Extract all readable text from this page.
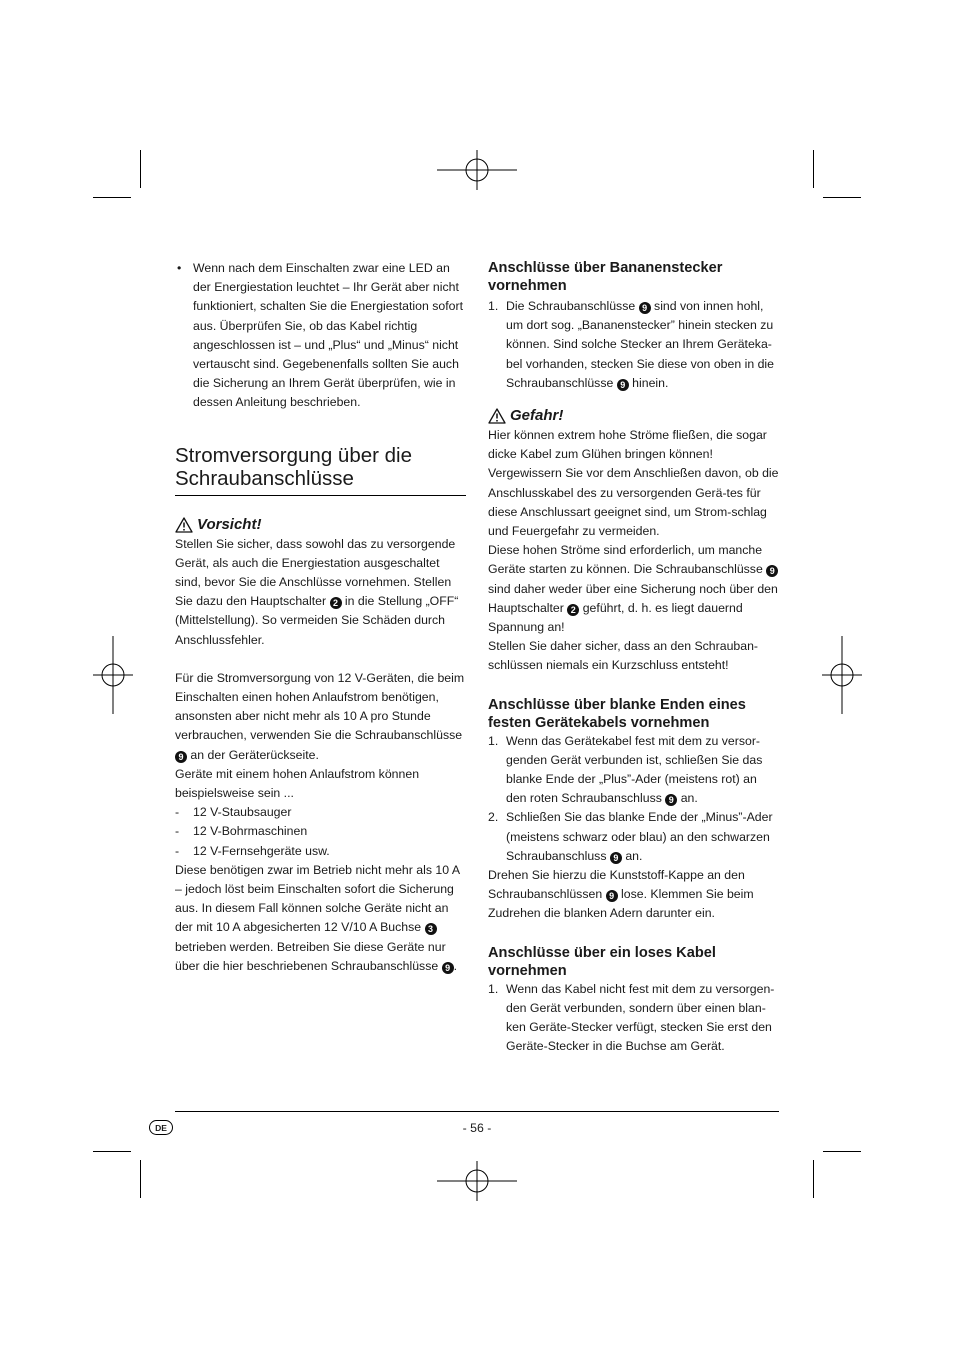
• Wenn nach dem Einschalten zwar eine LED an der Energiestation leuchtet – Ihr Gerät aber nicht funktioniert, schalten Sie die Energiestation sofort aus. Überprüfen Sie, ob das Kabel richtig angeschlossen ist – und „Plus“ und „Minus“ nicht vertauscht sind. Gegebenenfalls sollten Sie auch die Sicherung an Ihrem Gerät überprüfen, wie in dessen Anleitung beschrieben.

Stromversorgung über die
Schraubanschlüsse

Vorsicht!

Stellen Sie sicher, dass sowohl das zu versorgende Gerät, als auch die Energiestation ausgeschaltet sind, bevor Sie die Anschlüsse vornehmen. Stellen Sie dazu den Hauptschalter 2 in die Stellung „OFF“ (Mittelstellung). So vermeiden Sie Schäden durch Anschlussfehler.

Für die Stromversorgung von 12 V-Geräten, die beim Einschalten einen hohen Anlaufstrom benötigen, ansonsten aber nicht mehr als 10 A pro Stunde verbrauchen, verwenden Sie die Schraubanschlüsse 9 an der Geräterückseite.

Geräte mit einem hohen Anlaufstrom können beispielsweise sein ...

- 12 V-Staubsauger

- 12 V-Bohrmaschinen

- 12 V-Fernsehgeräte usw.

Diese benötigen zwar im Betrieb nicht mehr als 10 A – jedoch löst beim Einschalten sofort die Sicherung aus. In diesem Fall können solche Geräte nicht an der mit 10 A abgesicherten 12 V/10 A Buchse 3 betrieben werden. Betreiben Sie diese Geräte nur über die hier beschriebenen Schraubanschlüsse 9 .

Anschlüsse über Bananenstecker vornehmen

1. Die Schraubanschlüsse 9 sind von innen hohl, um dort sog. „Bananenstecker” hinein stecken zu können. Sind solche Stecker an Ihrem Geräteka-bel vorhanden, stecken Sie diese von oben in die Schraubanschlüsse 9 hinein.

Gefahr!

Hier können extrem hohe Ströme fließen, die sogar dicke Kabel zum Glühen bringen können!

Vergewissern Sie vor dem Anschließen davon, ob die Anschlusskabel des zu versorgenden Gerä-tes für diese Anschlussart geeignet sind, um Strom-schlag und Feuergefahr zu vermeiden.

Diese hohen Ströme sind erforderlich, um manche Geräte starten zu können. Die Schraubanschlüsse 9 sind daher weder über eine Sicherung noch über den Hauptschalter 2 geführt, d. h. es liegt dauernd Spannung an!

Stellen Sie daher sicher, dass an den Schrauban-schlüssen niemals ein Kurzschluss entsteht!

Anschlüsse über blanke Enden eines festen Gerätekabels vornehmen

1. Wenn das Gerätekabel fest mit dem zu versor-genden Gerät verbunden ist, schließen Sie das blanke Ende der „Plus”-Ader (meistens rot) an den roten Schraubanschluss 9 an.

2. Schließen Sie das blanke Ende der „Minus”-Ader (meistens schwarz oder blau) an den schwarzen Schraubanschluss 9 an.

Drehen Sie hierzu die Kunststoff-Kappe an den Schraubanschlüssen 9 lose. Klemmen Sie beim Zudrehen die blanken Adern darunter ein.

Anschlüsse über ein loses Kabel vornehmen

1. Wenn das Kabel nicht fest mit dem zu versorgen-den Gerät verbunden, sondern über einen blan-ken Geräte-Stecker verfügt, stecken Sie erst den Geräte-Stecker in die Buchse am Gerät.

DE	- 56 -
